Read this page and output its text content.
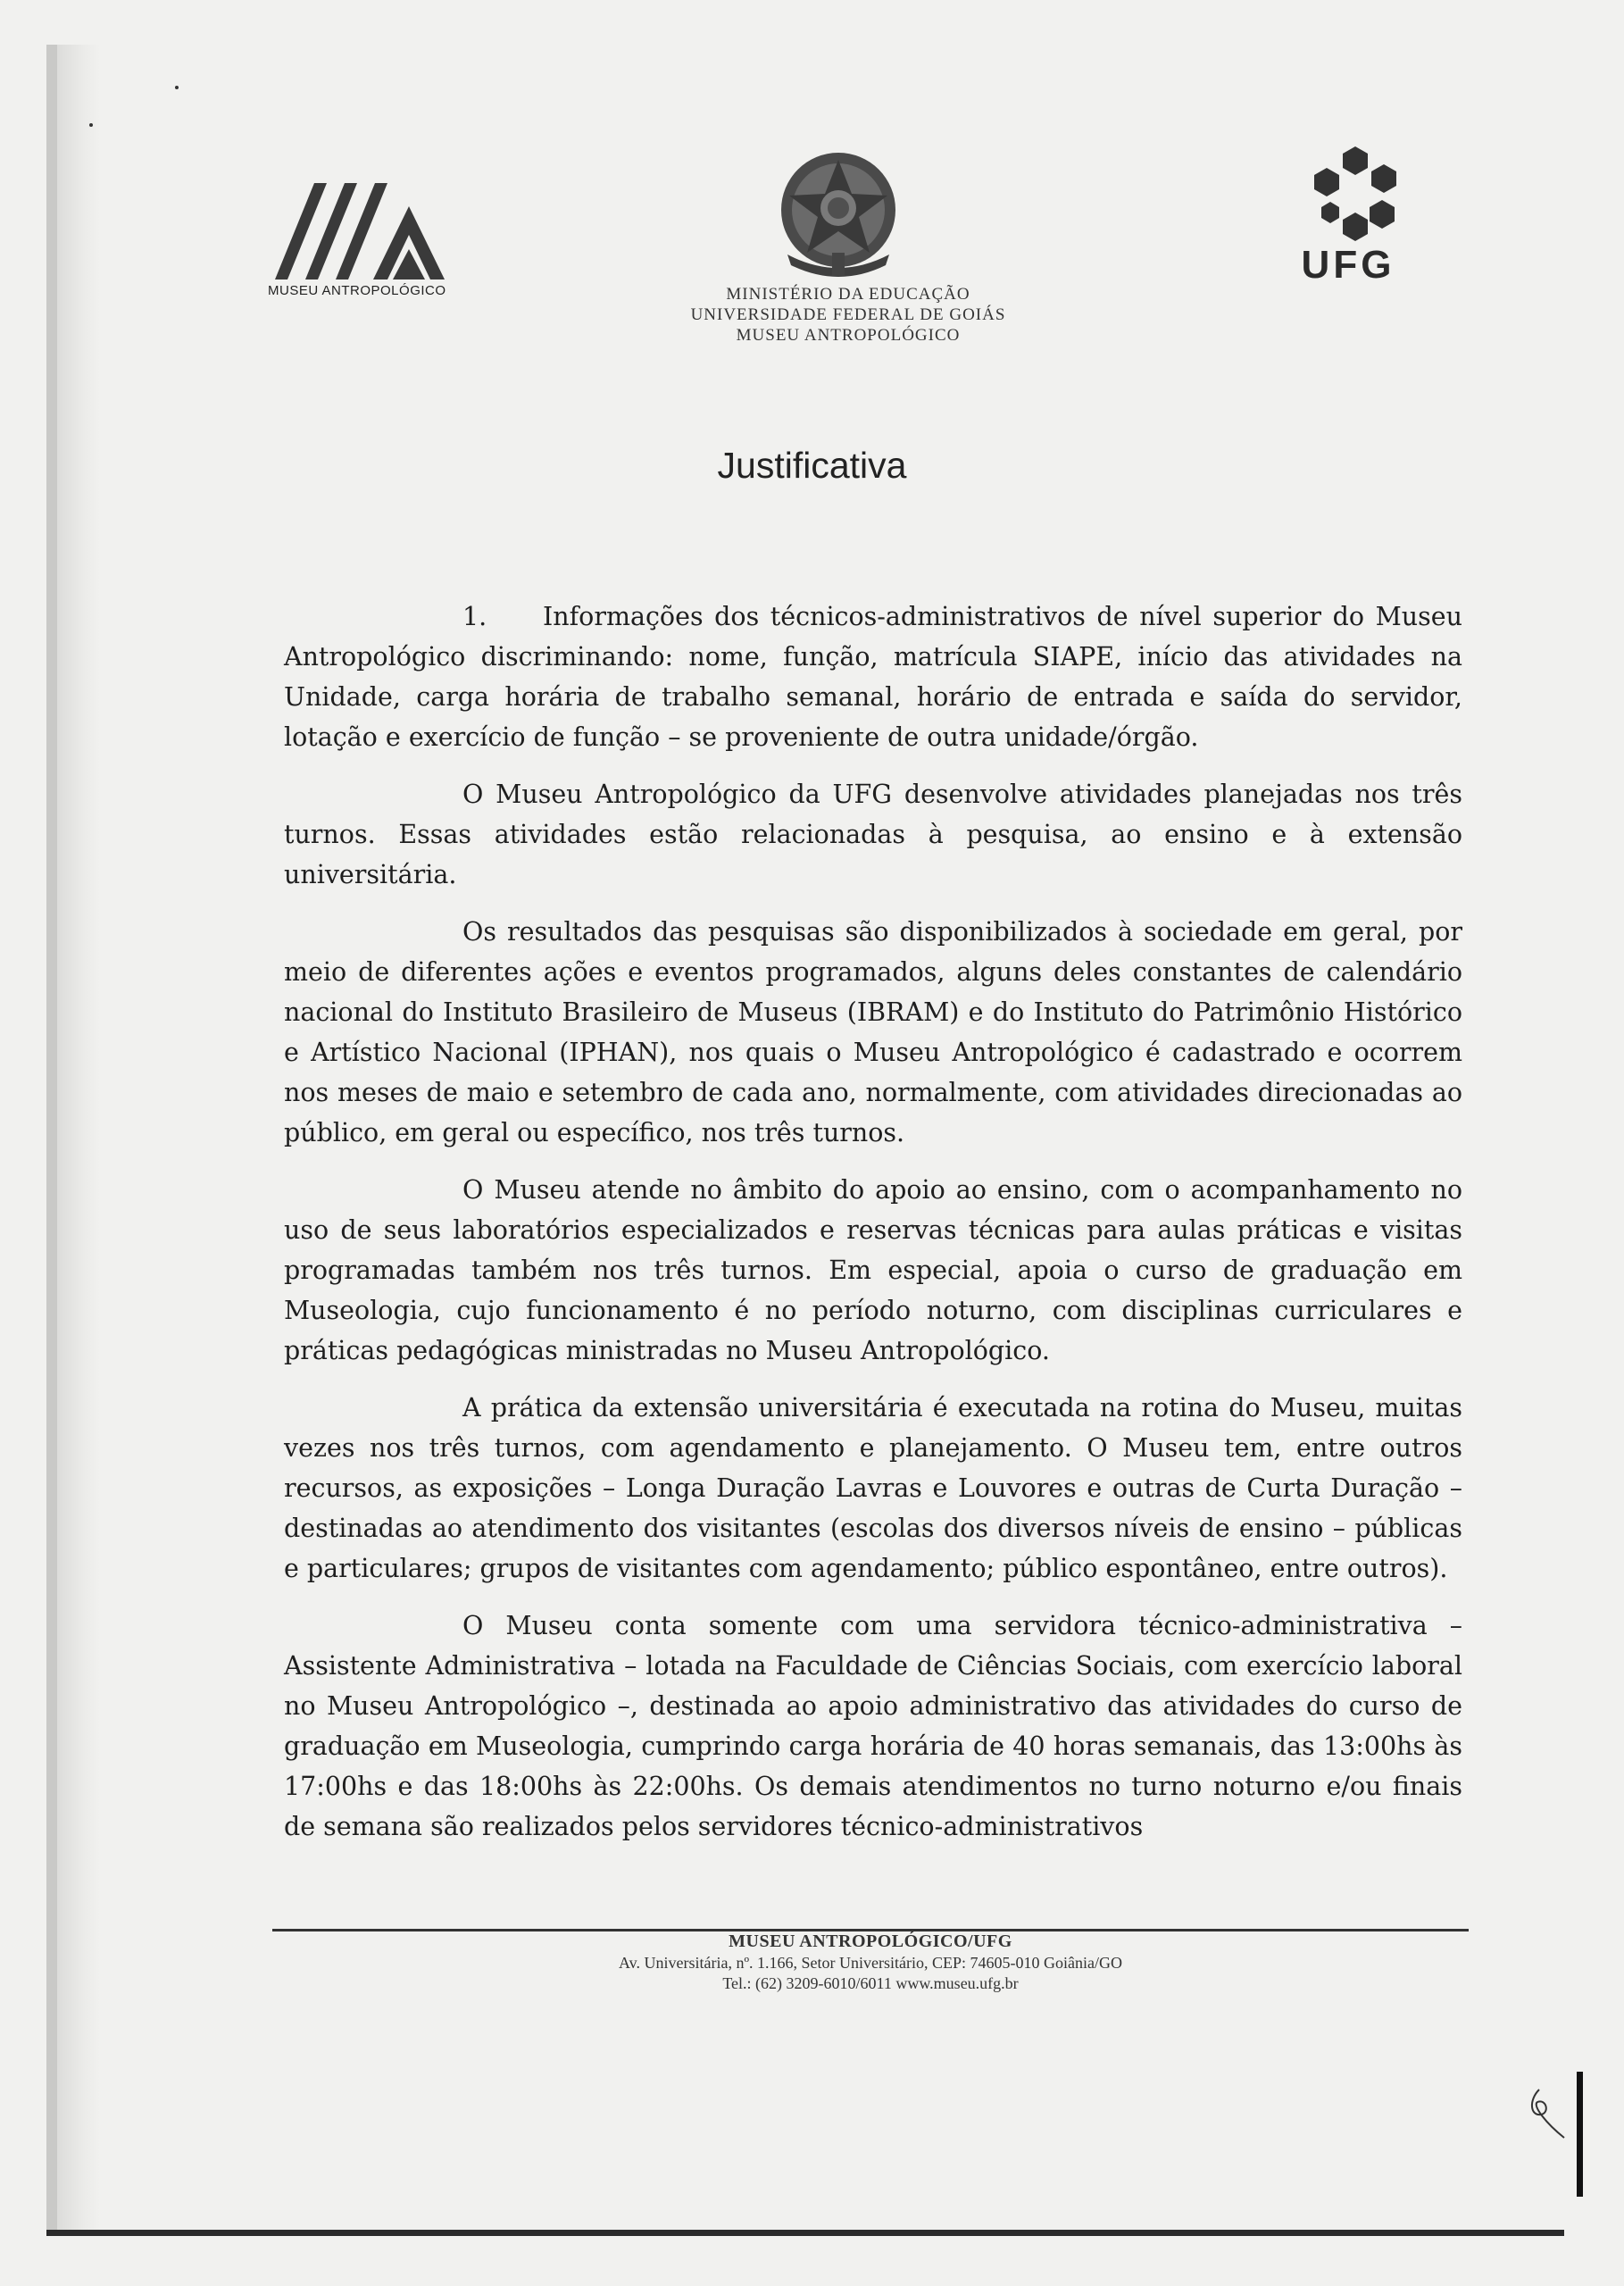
MUSEU ANTROPOLÓGICO	MINISTÉRIO DA EDUCAÇÃO
UNIVERSIDADE FEDERAL DE GOIÁS
MUSEU ANTROPOLÓGICO
UFG
Justificativa

1. Informações dos técnicos-administrativos de nível superior do Museu Antropológico discriminando: nome, função, matrícula SIAPE, início das atividades na Unidade, carga horária de trabalho semanal, horário de entrada e saída do servidor, lotação e exercício de função – se proveniente de outra unidade/órgão.

O Museu Antropológico da UFG desenvolve atividades planejadas nos três turnos. Essas atividades estão relacionadas à pesquisa, ao ensino e à extensão universitária.

Os resultados das pesquisas são disponibilizados à sociedade em geral, por meio de diferentes ações e eventos programados, alguns deles constantes de calendário nacional do Instituto Brasileiro de Museus (IBRAM) e do Instituto do Patrimônio Histórico e Artístico Nacional (IPHAN), nos quais o Museu Antropológico é cadastrado e ocorrem nos meses de maio e setembro de cada ano, normalmente, com atividades direcionadas ao público, em geral ou específico, nos três turnos.

O Museu atende no âmbito do apoio ao ensino, com o acompanhamento no uso de seus laboratórios especializados e reservas técnicas para aulas práticas e visitas programadas também nos três turnos. Em especial, apoia o curso de graduação em Museologia, cujo funcionamento é no período noturno, com disciplinas curriculares e práticas pedagógicas ministradas no Museu Antropológico.

A prática da extensão universitária é executada na rotina do Museu, muitas vezes nos três turnos, com agendamento e planejamento. O Museu tem, entre outros recursos, as exposições – Longa Duração Lavras e Louvores e outras de Curta Duração – destinadas ao atendimento dos visitantes (escolas dos diversos níveis de ensino – públicas e particulares; grupos de visitantes com agendamento; público espontâneo, entre outros).

O Museu conta somente com uma servidora técnico-administrativa – Assistente Administrativa – lotada na Faculdade de Ciências Sociais, com exercício laboral no Museu Antropológico –, destinada ao apoio administrativo das atividades do curso de graduação em Museologia, cumprindo carga horária de 40 horas semanais, das 13:00hs às 17:00hs e das 18:00hs às 22:00hs. Os demais atendimentos no turno noturno e/ou finais de semana são realizados pelos servidores técnico-administrativos

MUSEU ANTROPOLÓGICO/UFG
Av. Universitária, nº. 1.166, Setor Universitário, CEP: 74605-010 Goiânia/GO
Tel.: (62) 3209-6010/6011 www.museu.ufg.br
